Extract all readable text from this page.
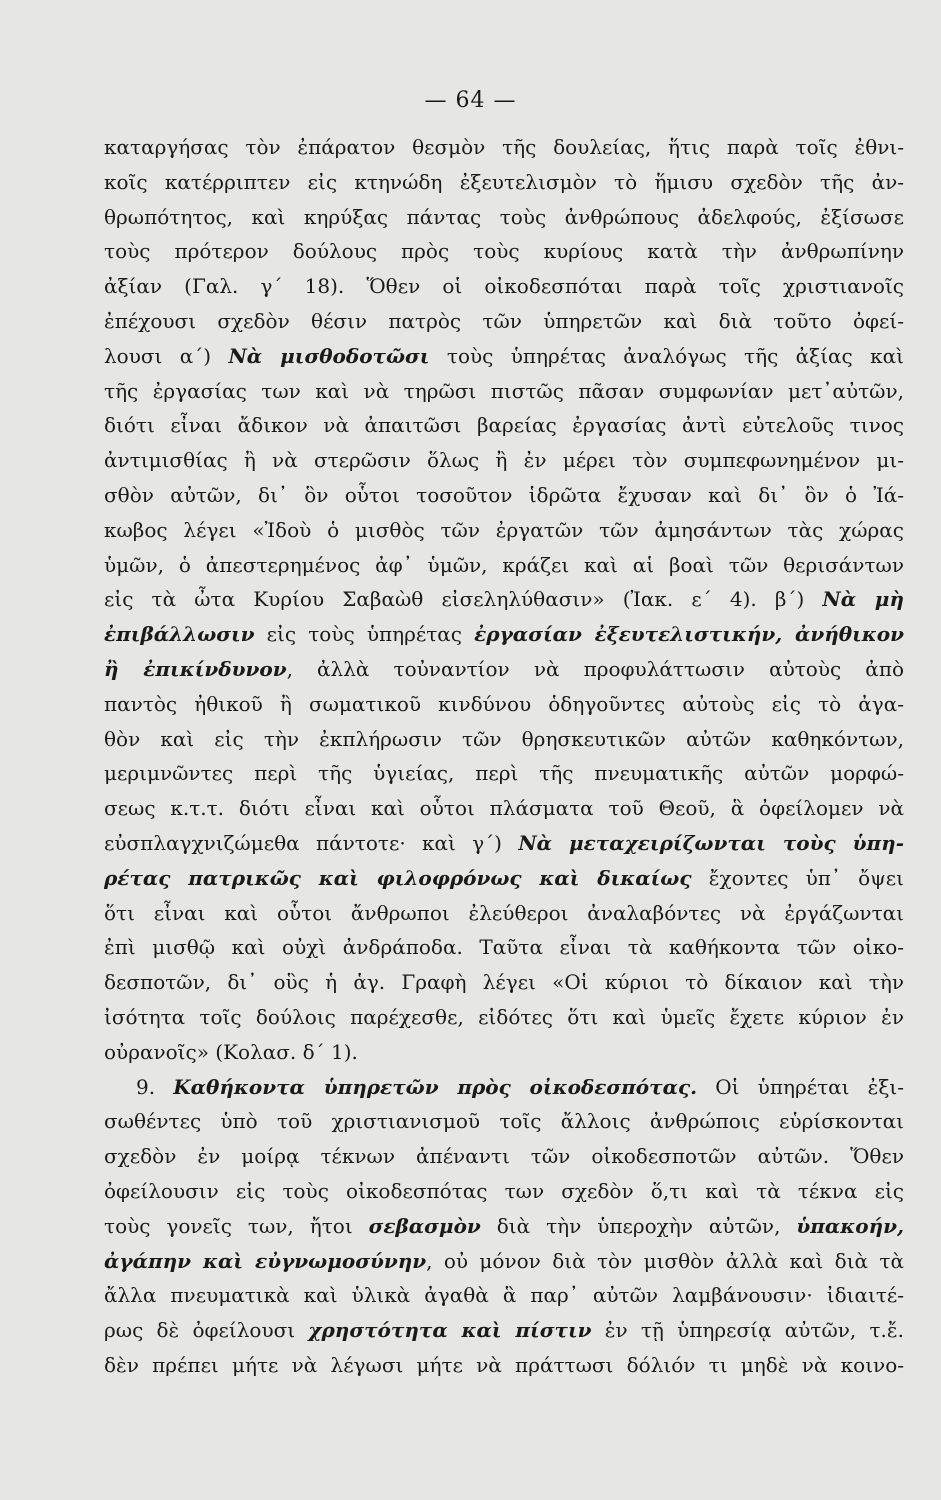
— 64 —
καταργήσας τὸν ἐπάρατον θεσμὸν τῆς δουλείας, ἥτις παρὰ τοῖς ἐθνι-
κοῖς κατέρριπτεν εἰς κτηνώδη ἐξευτελισμὸν τὸ ἥμισυ σχεδὸν τῆς ἀν-
θρωπότητος, καὶ κηρύξας πάντας τοὺς ἀνθρώπους ἀδελφούς, ἐξίσωσε
τοὺς πρότερον δούλους πρὸς τοὺς κυρίους κατὰ τὴν ἀνθρωπίνην
ἀξίαν (Γαλ. γ΄ 18). Ὅθεν οἱ οἰκοδεσπόται παρὰ τοῖς χριστιανοῖς
ἐπέχουσι σχεδὸν θέσιν πατρὸς τῶν ὑπηρετῶν καὶ διὰ τοῦτο ὀφεί-
λουσι α΄) Νὰ μισθοδοτῶσι τοὺς ὑπηρέτας ἀναλόγως τῆς ἀξίας καὶ
τῆς ἐργασίας των καὶ νὰ τηρῶσι πιστῶς πᾶσαν συμφωνίαν μετ᾽αὐτῶν,
διότι εἶναι ἄδικον νὰ ἀπαιτῶσι βαρείας ἐργασίας ἀντὶ εὐτελοῦς τινος
ἀντιμισθίας ἢ νὰ στερῶσιν ὅλως ἢ ἐν μέρει τὸν συμπεφωνημένον μι-
σθὸν αὐτῶν, δι᾽ ὃν οὗτοι τοσοῦτον ἱδρῶτα ἔχυσαν καὶ δι᾽ ὃν ὁ Ἰά-
κωβος λέγει «Ἰδοὺ ὁ μισθὸς τῶν ἐργατῶν τῶν ἀμησάντων τὰς χώρας
ὑμῶν, ὁ ἀπεστερημένος ἀφ᾽ ὑμῶν, κράζει καὶ αἱ βοαὶ τῶν θερισάντων
εἰς τὰ ὦτα Κυρίου Σαβαὼθ εἰσεληλύθασιν» (Ἰακ. ε΄ 4). β΄) Νὰ μὴ
ἐπιβάλλωσιν εἰς τοὺς ὑπηρέτας ἐργασίαν ἐξευτελιστικήν, ἀνήθικον
ἢ ἐπικίνδυνον, ἀλλὰ τοὐναντίον νὰ προφυλάττωσιν αὐτοὺς ἀπὸ
παντὸς ἠθικοῦ ἢ σωματικοῦ κινδύνου ὁδηγοῦντες αὐτοὺς εἰς τὸ ἀγα-
θὸν καὶ εἰς τὴν ἐκπλήρωσιν τῶν θρησκευτικῶν αὐτῶν καθηκόντων,
μεριμνῶντες περὶ τῆς ὑγιείας, περὶ τῆς πνευματικῆς αὐτῶν μορφώ-
σεως κ.τ.τ. διότι εἶναι καὶ οὗτοι πλάσματα τοῦ Θεοῦ, ἃ ὀφείλομεν νὰ
εὐσπλαγχνιζώμεθα πάντοτε· καὶ γ΄) Νὰ μεταχειρίζωνται τοὺς ὑπη-
ρέτας πατρικῶς καὶ φιλοφρόνως καὶ δικαίως ἔχοντες ὑπ᾽ ὄψει
ὅτι εἶναι καὶ οὗτοι ἄνθρωποι ἐλεύθεροι ἀναλαβόντες νὰ ἐργάζωνται
ἐπὶ μισθῷ καὶ οὐχὶ ἀνδράποδα. Ταῦτα εἶναι τὰ καθήκοντα τῶν οἰκο-
δεσποτῶν, δι᾽ οὓς ἡ ἁγ. Γραφὴ λέγει «Οἱ κύριοι τὸ δίκαιον καὶ τὴν
ἰσότητα τοῖς δούλοις παρέχεσθε, εἰδότες ὅτι καὶ ὑμεῖς ἔχετε κύριον ἐν
οὐρανοῖς» (Κολασ. δ΄ 1).
9. Καθήκοντα ὑπηρετῶν πρὸς οἰκοδεσπότας. Οἱ ὑπηρέται ἐξι-
σωθέντες ὑπὸ τοῦ χριστιανισμοῦ τοῖς ἄλλοις ἀνθρώποις εὑρίσκονται
σχεδὸν ἐν μοίρᾳ τέκνων ἀπέναντι τῶν οἰκοδεσποτῶν αὐτῶν. Ὅθεν
ὀφείλουσιν εἰς τοὺς οἰκοδεσπότας των σχεδὸν ὅ,τι καὶ τὰ τέκνα εἰς
τοὺς γονεῖς των, ἤτοι σεβασμὸν διὰ τὴν ὑπεροχὴν αὐτῶν, ὑπακοήν,
ἀγάπην καὶ εὐγνωμοσύνην, οὐ μόνον διὰ τὸν μισθὸν ἀλλὰ καὶ διὰ τὰ
ἄλλα πνευματικὰ καὶ ὑλικὰ ἀγαθὰ ἃ παρ᾽ αὐτῶν λαμβάνουσιν· ἰδιαιτέ-
ρως δὲ ὀφείλουσι χρηστότητα καὶ πίστιν ἐν τῇ ὑπηρεσίᾳ αὐτῶν, τ.ἔ.
δὲν πρέπει μήτε νὰ λέγωσι μήτε νὰ πράττωσι δόλιόν τι μηδὲ νὰ κοινο-
